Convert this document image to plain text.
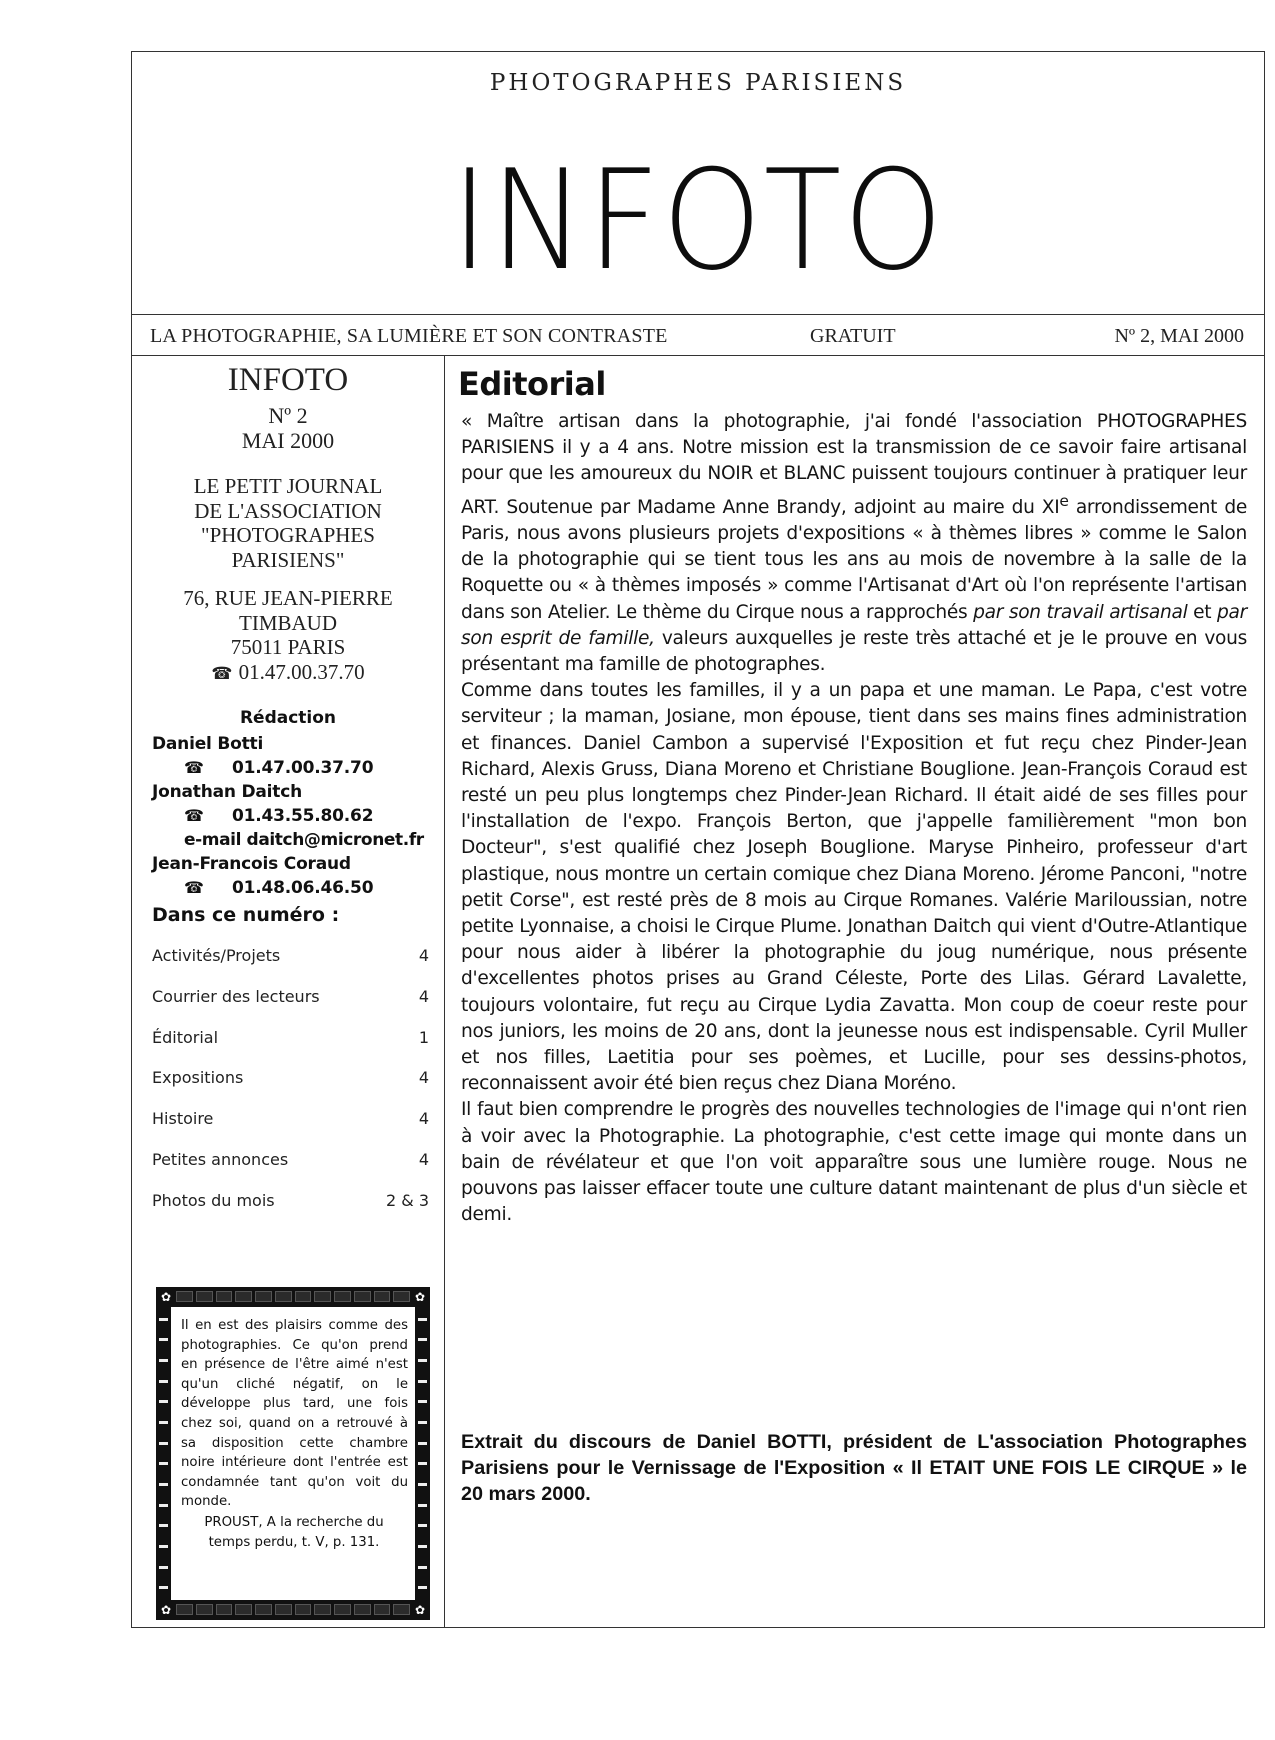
PHOTOGRAPHES PARISIENS
INFOTO
LA PHOTOGRAPHIE, SA LUMIÈRE ET SON CONTRASTE	GRATUIT	Nº 2, MAI 2000
INFOTO
Nº 2
MAI 2000
LE PETIT JOURNAL
DE L'ASSOCIATION
"PHOTOGRAPHES
PARISIENS"
76, RUE JEAN-PIERRE
TIMBAUD
75011 PARIS
☎ 01.47.00.37.70
Rédaction
Daniel Botti
☎ 01.47.00.37.70
Jonathan Daitch
☎ 01.43.55.80.62
e-mail daitch@micronet.fr
Jean-Francois Coraud
☎ 01.48.06.46.50
Dans ce numéro :
Activités/Projets	4
Courrier des lecteurs	4
Éditorial	1
Expositions	4
Histoire	4
Petites annonces	4
Photos du mois	2 & 3
✿	✿
✿	✿
Il en est des plaisirs comme des photographies. Ce qu'on prend en présence de l'être aimé n'est qu'un cliché négatif, on le développe plus tard, une fois chez soi, quand on a retrouvé à sa disposition cette chambre noire intérieure dont l'entrée est condamnée tant qu'on voit du monde.
PROUST, A la recherche du
temps perdu, t. V, p. 131.
Editorial

« Maître artisan dans la photographie, j'ai fondé l'association PHOTOGRAPHES PARISIENS il y a 4 ans. Notre mission est la transmission de ce savoir faire artisanal pour que les amoureux du NOIR et BLANC puissent toujours continuer à pratiquer leur ART. Soutenue par Madame Anne Brandy, adjoint au maire du XIe arrondissement de Paris, nous avons plusieurs projets d'expositions « à thèmes libres » comme le Salon de la photographie qui se tient tous les ans au mois de novembre à la salle de la Roquette ou « à thèmes imposés » comme l'Artisanat d'Art où l'on représente l'artisan dans son Atelier. Le thème du Cirque nous a rapprochés par son travail artisanal et par son esprit de famille, valeurs auxquelles je reste très attaché et je le prouve en vous présentant ma famille de photographes.

Comme dans toutes les familles, il y a un papa et une maman. Le Papa, c'est votre serviteur ; la maman, Josiane, mon épouse, tient dans ses mains fines administration et finances. Daniel Cambon a supervisé l'Exposition et fut reçu chez Pinder-Jean Richard, Alexis Gruss, Diana Moreno et Christiane Bouglione. Jean-François Coraud est resté un peu plus longtemps chez Pinder-Jean Richard. Il était aidé de ses filles pour l'installation de l'expo. François Berton, que j'appelle familièrement "mon bon Docteur", s'est qualifié chez Joseph Bouglione. Maryse Pinheiro, professeur d'art plastique, nous montre un certain comique chez Diana Moreno. Jérome Panconi, "notre petit Corse", est resté près de 8 mois au Cirque Romanes. Valérie Mariloussian, notre petite Lyonnaise, a choisi le Cirque Plume. Jonathan Daitch qui vient d'Outre-Atlantique pour nous aider à libérer la photographie du joug numérique, nous présente d'excellentes photos prises au Grand Céleste, Porte des Lilas. Gérard Lavalette, toujours volontaire, fut reçu au Cirque Lydia Zavatta. Mon coup de coeur reste pour nos juniors, les moins de 20 ans, dont la jeunesse nous est indispensable. Cyril Muller et nos filles, Laetitia pour ses poèmes, et Lucille, pour ses dessins-photos, reconnaissent avoir été bien reçus chez Diana Moréno.

Il faut bien comprendre le progrès des nouvelles technologies de l'image qui n'ont rien à voir avec la Photographie. La photographie, c'est cette image qui monte dans un bain de révélateur et que l'on voit apparaître sous une lumière rouge. Nous ne pouvons pas laisser effacer toute une culture datant maintenant de plus d'un siècle et demi.

Extrait du discours de Daniel BOTTI, président de L'association Photographes Parisiens pour le Vernissage de l'Exposition « Il ETAIT UNE FOIS LE CIRQUE » le 20 mars 2000.
